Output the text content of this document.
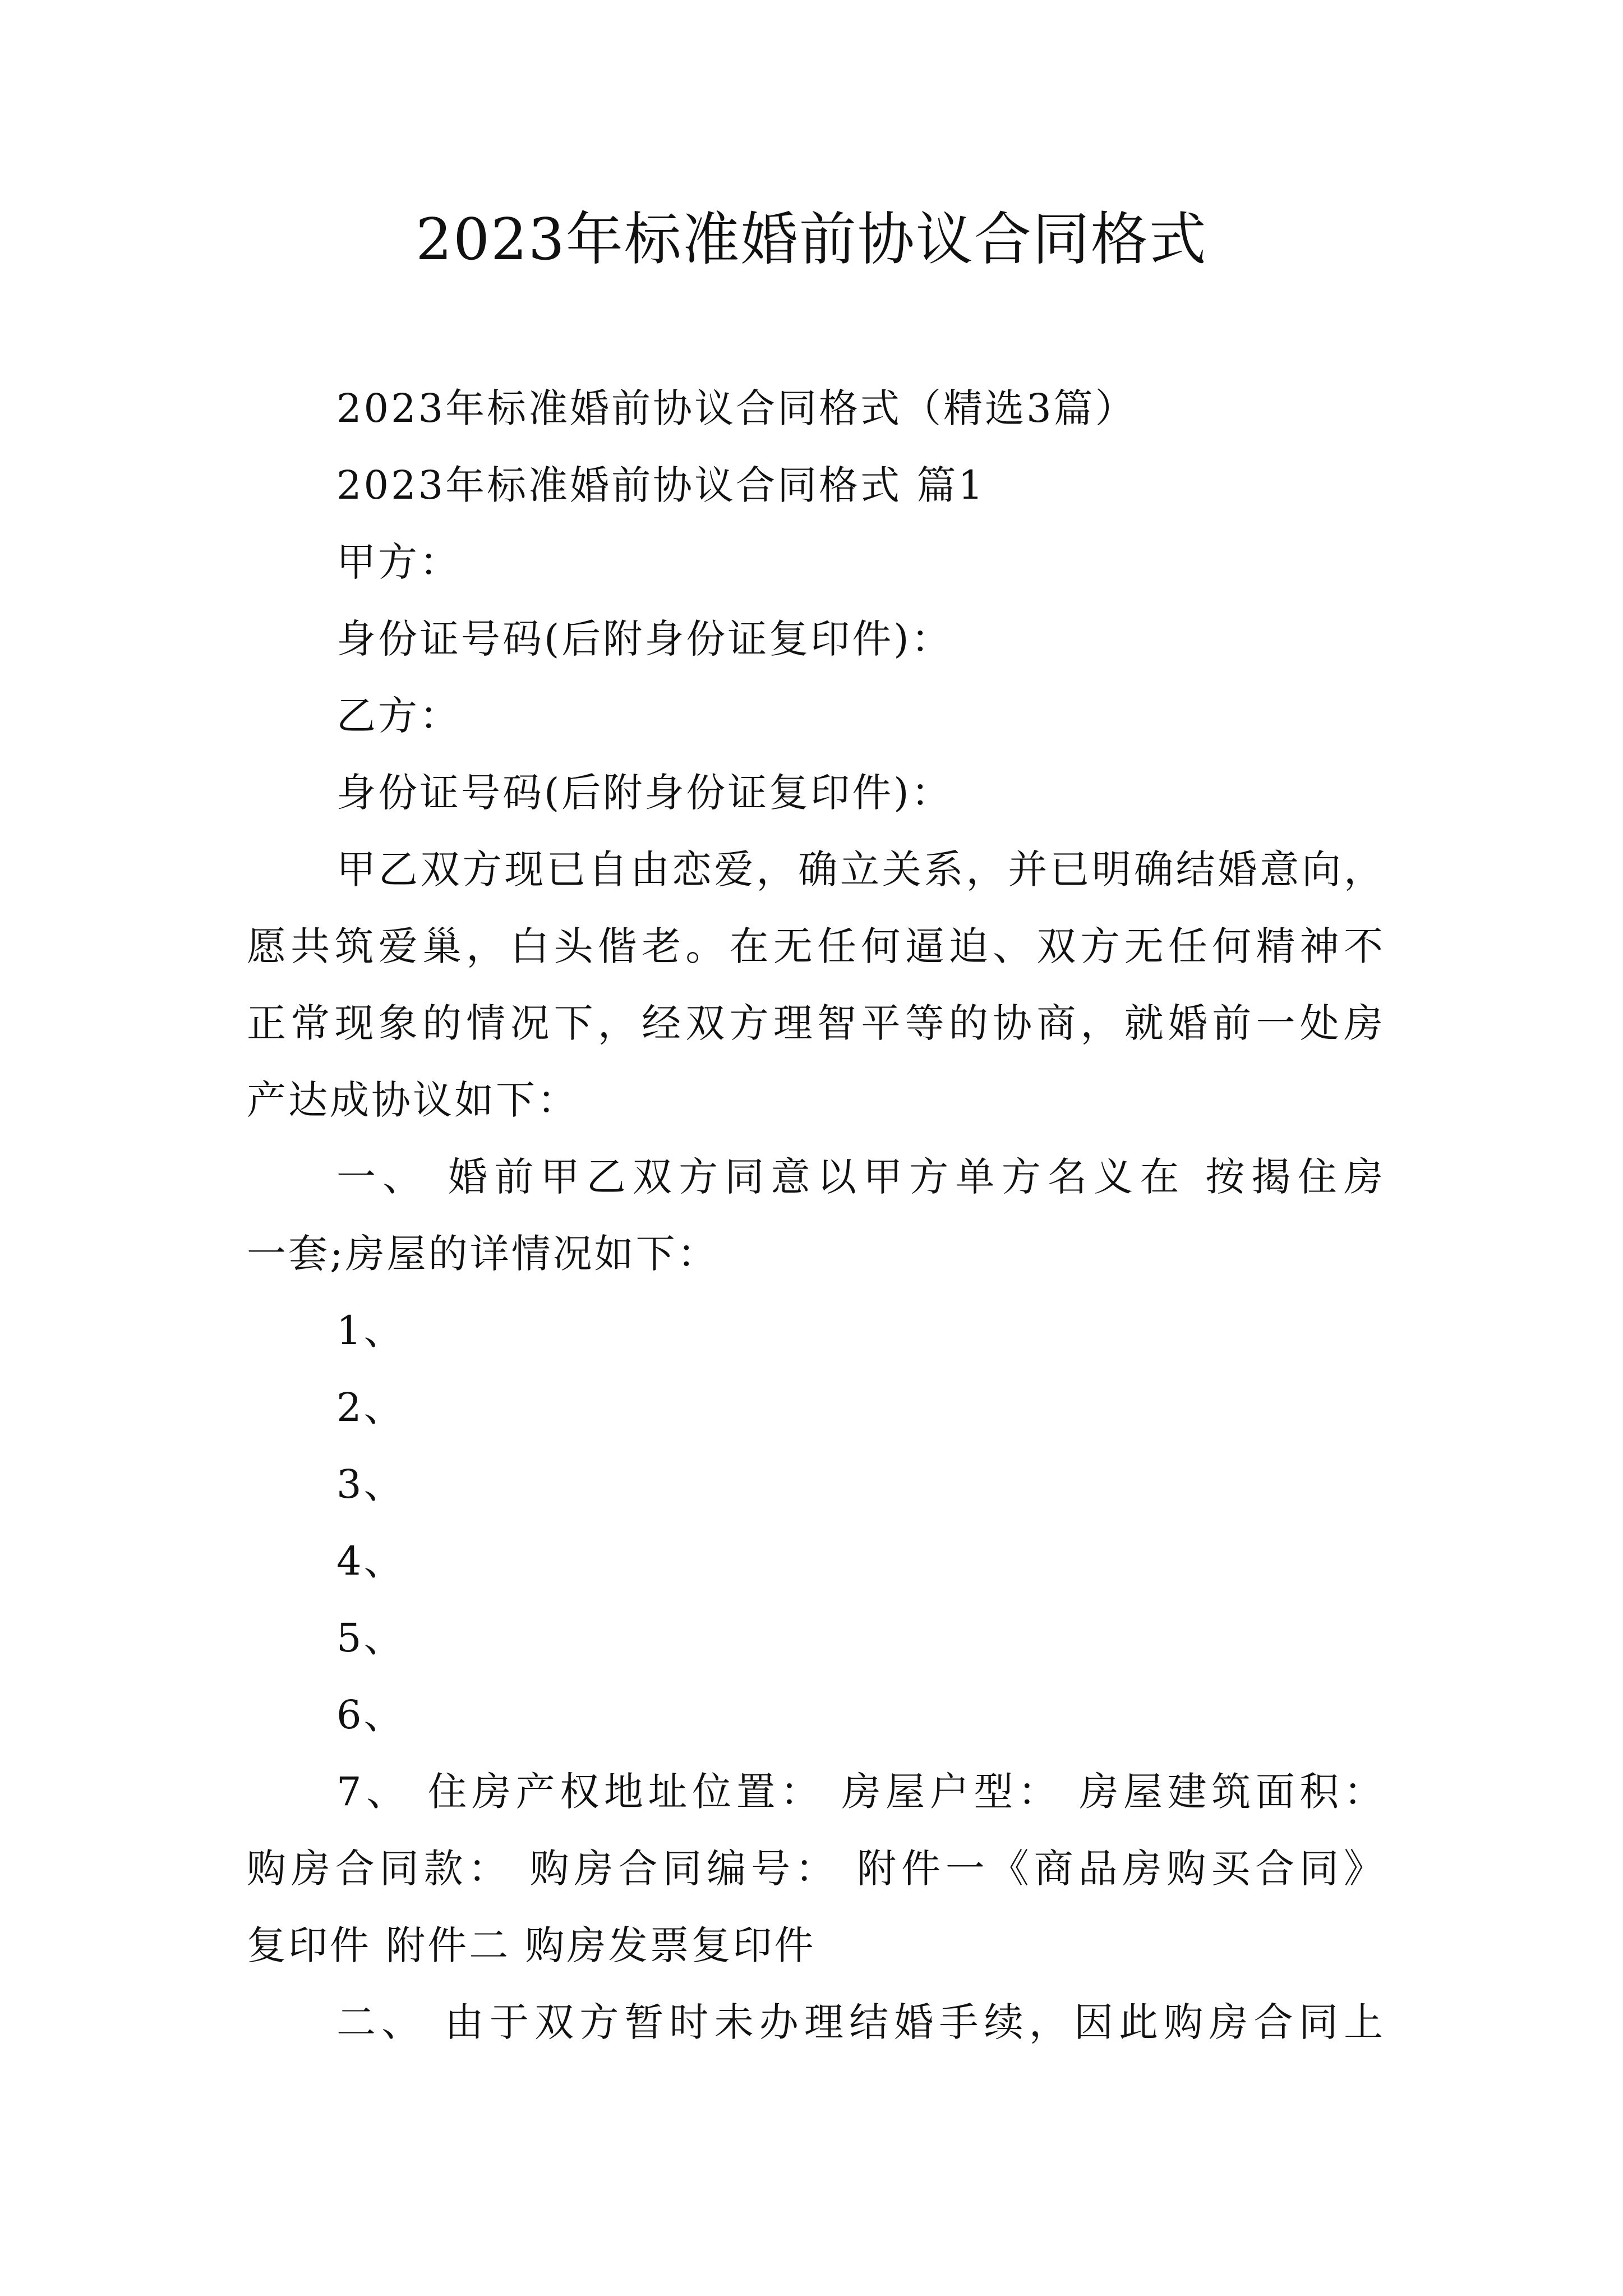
2023年标准婚前协议合同格式
2023年标准婚前协议合同格式（精选3篇）
2023年标准婚前协议合同格式 篇1
甲方：
身份证号码(后附身份证复印件)：
乙方：
身份证号码(后附身份证复印件)：
甲乙双方现已自由恋爱，确立关系，并已明确结婚意向，
愿共筑爱巢，白头偕老。在无任何逼迫、双方无任何精神不
正常现象的情况下，经双方理智平等的协商，就婚前一处房
产达成协议如下：
一、 婚前甲乙双方同意以甲方单方名义在 按揭住房
一套;房屋的详情况如下：
1、
2、
3、
4、
5、
6、
7、 住房产权地址位置： 房屋户型： 房屋建筑面积：
购房合同款： 购房合同编号： 附件一《商品房购买合同》
复印件 附件二 购房发票复印件
二、 由于双方暂时未办理结婚手续，因此购房合同上
